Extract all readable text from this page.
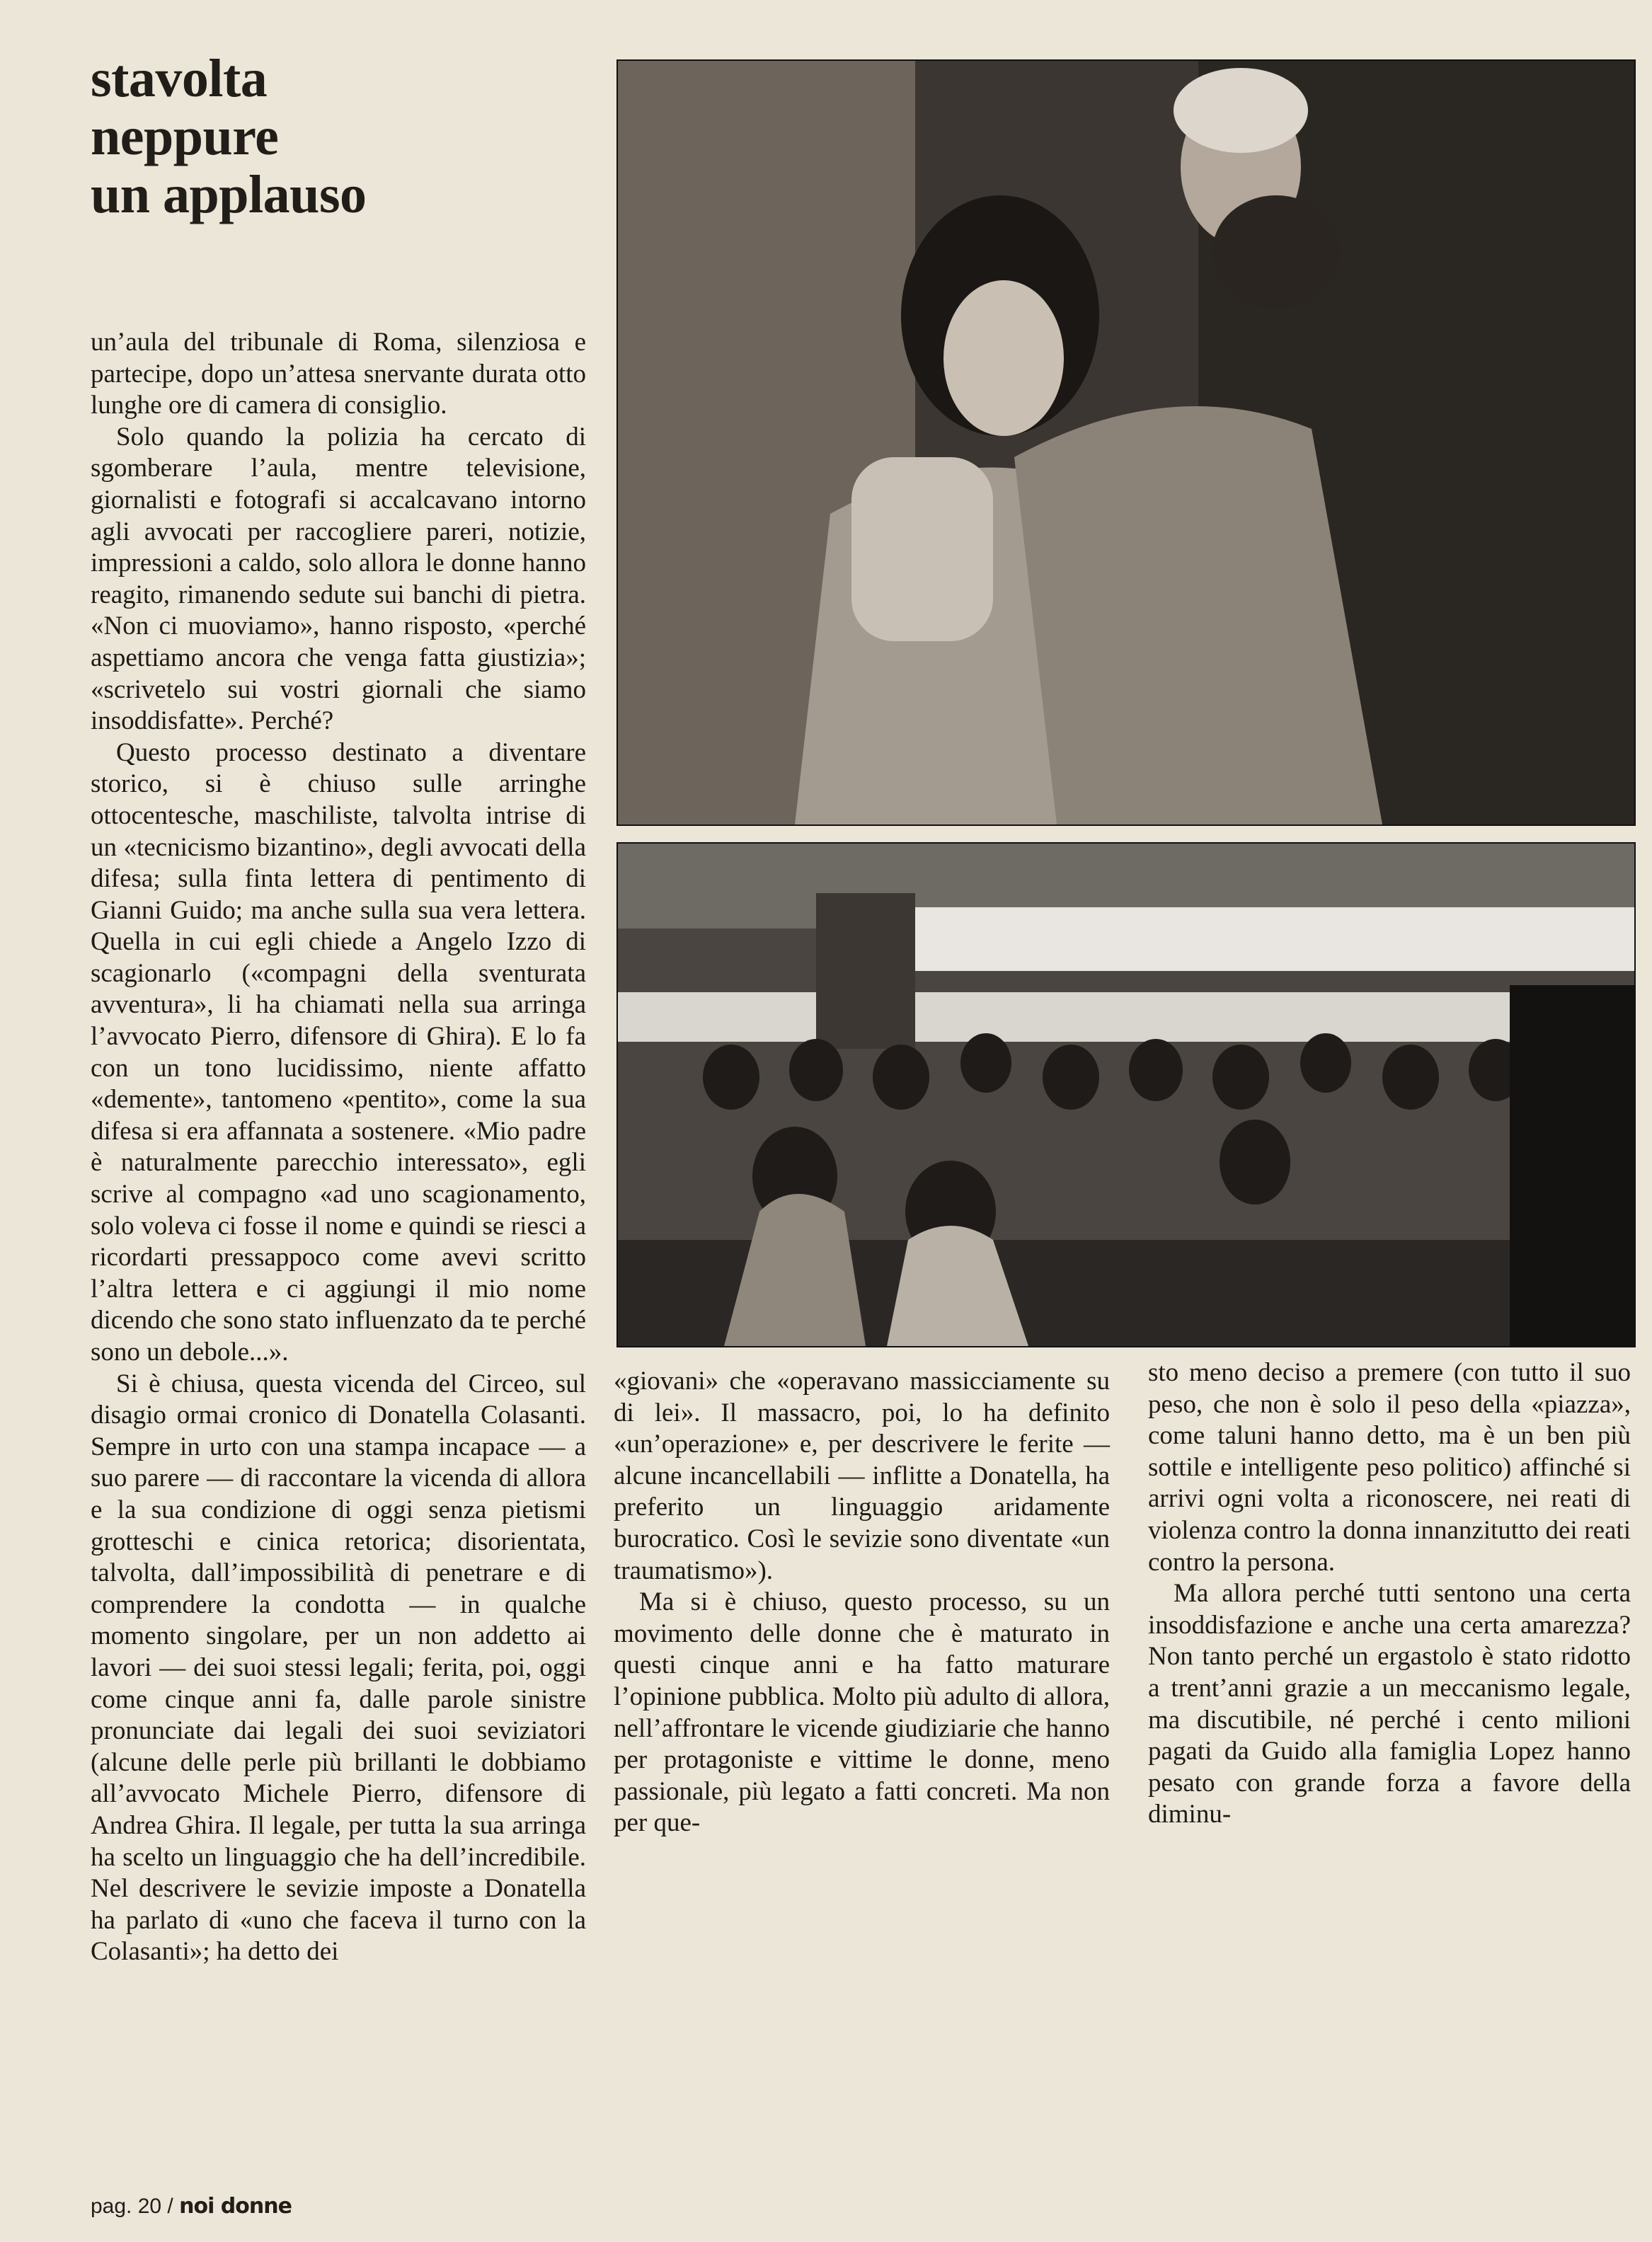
stavolta
neppure
un applauso

un’aula del tribunale di Roma, silenziosa e partecipe, dopo un’attesa snervante durata otto lunghe ore di camera di consiglio.

Solo quando la polizia ha cercato di sgomberare l’aula, mentre televisione, giornalisti e fotografi si accalcavano intorno agli avvocati per raccogliere pareri, notizie, impressioni a caldo, solo allora le donne hanno reagito, rimanendo sedute sui banchi di pietra. «Non ci muoviamo», hanno risposto, «perché aspettiamo ancora che venga fatta giustizia»; «scrivetelo sui vostri giornali che siamo insoddisfatte». Perché?

Questo processo destinato a diventare storico, si è chiuso sulle arringhe ottocentesche, maschiliste, talvolta intrise di un «tecnicismo bizantino», degli avvocati della difesa; sulla finta lettera di pentimento di Gianni Guido; ma anche sulla sua vera lettera. Quella in cui egli chiede a Angelo Izzo di scagionarlo («compagni della sventurata avventura», li ha chiamati nella sua arringa l’avvocato Pierro, difensore di Ghira). E lo fa con un tono lucidissimo, niente affatto «demente», tantomeno «pentito», come la sua difesa si era affannata a sostenere. «Mio padre è naturalmente parecchio interessato», egli scrive al compagno «ad uno scagionamento, solo voleva ci fosse il nome e quindi se riesci a ricordarti pressappoco come avevi scritto l’altra lettera e ci aggiungi il mio nome dicendo che sono stato influenzato da te perché sono un debole...».

Si è chiusa, questa vicenda del Circeo, sul disagio ormai cronico di Donatella Colasanti. Sempre in urto con una stampa incapace — a suo parere — di raccontare la vicenda di allora e la sua condizione di oggi senza pietismi grotteschi e cinica retorica; disorientata, talvolta, dall’impossibilità di penetrare e di comprendere la condotta — in qualche momento singolare, per un non addetto ai lavori — dei suoi stessi legali; ferita, poi, oggi come cinque anni fa, dalle parole sinistre pronunciate dai legali dei suoi seviziatori (alcune delle perle più brillanti le dobbiamo all’avvocato Michele Pierro, difensore di Andrea Ghira. Il legale, per tutta la sua arringa ha scelto un linguaggio che ha dell’incredibile. Nel descrivere le sevizie imposte a Donatella ha parlato di «uno che faceva il turno con la Colasanti»; ha detto dei

«giovani» che «operavano massicciamente su di lei». Il massacro, poi, lo ha definito «un’operazione» e, per descrivere le ferite — alcune incancellabili — inflitte a Donatella, ha preferito un linguaggio aridamente burocratico. Così le sevizie sono diventate «un traumatismo»).

Ma si è chiuso, questo processo, su un movimento delle donne che è maturato in questi cinque anni e ha fatto maturare l’opinione pubblica. Molto più adulto di allora, nell’affrontare le vicende giudiziarie che hanno per protagoniste e vittime le donne, meno passionale, più legato a fatti concreti. Ma non per que-

sto meno deciso a premere (con tutto il suo peso, che non è solo il peso della «piazza», come taluni hanno detto, ma è un ben più sottile e intelligente peso politico) affinché si arrivi ogni volta a riconoscere, nei reati di violenza contro la donna innanzitutto dei reati contro la persona.

Ma allora perché tutti sentono una certa insoddisfazione e anche una certa amarezza? Non tanto perché un ergastolo è stato ridotto a trent’anni grazie a un meccanismo legale, ma discutibile, né perché i cento milioni pagati da Guido alla famiglia Lopez hanno pesato con grande forza a favore della diminu-

pag. 20 / noi donne
